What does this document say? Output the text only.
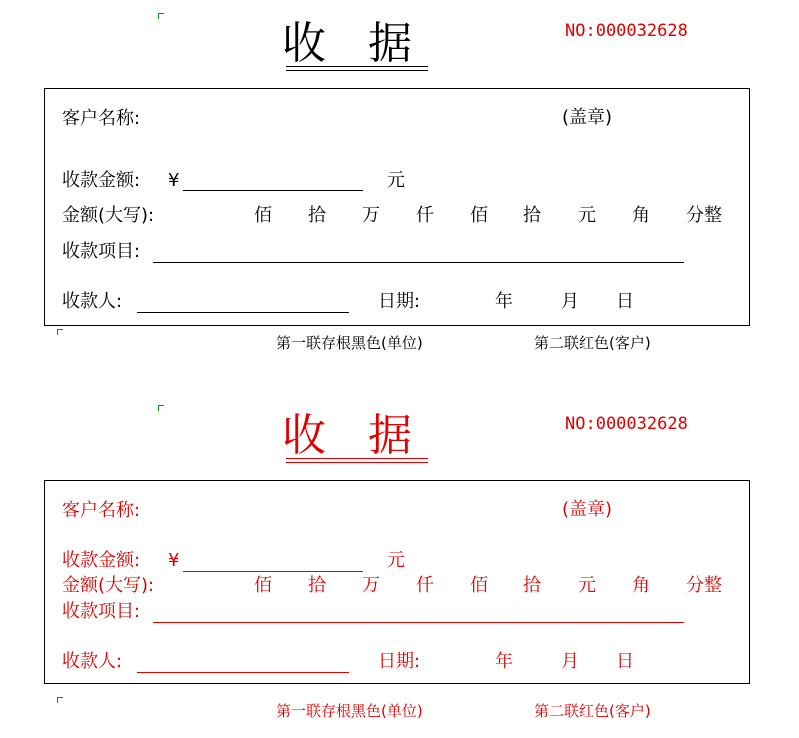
收 据	NO:000032628
客户名称:	(盖章)
收款金额: ¥	元
金额(大写):	佰 拾 万 仟 佰 拾 元 角 分整
收款项目:
收款人:	日期:	年	月 日
第一联存根黑色(单位)	第二联红色(客户)
收 据	NO:000032628
客户名称:	(盖章)
收款金额: ¥	元
金额(大写):	佰 拾 万 仟 佰 拾 元 角 分整
收款项目:
收款人:	日期:	年	月 日
第一联存根黑色(单位)	第二联红色(客户)
